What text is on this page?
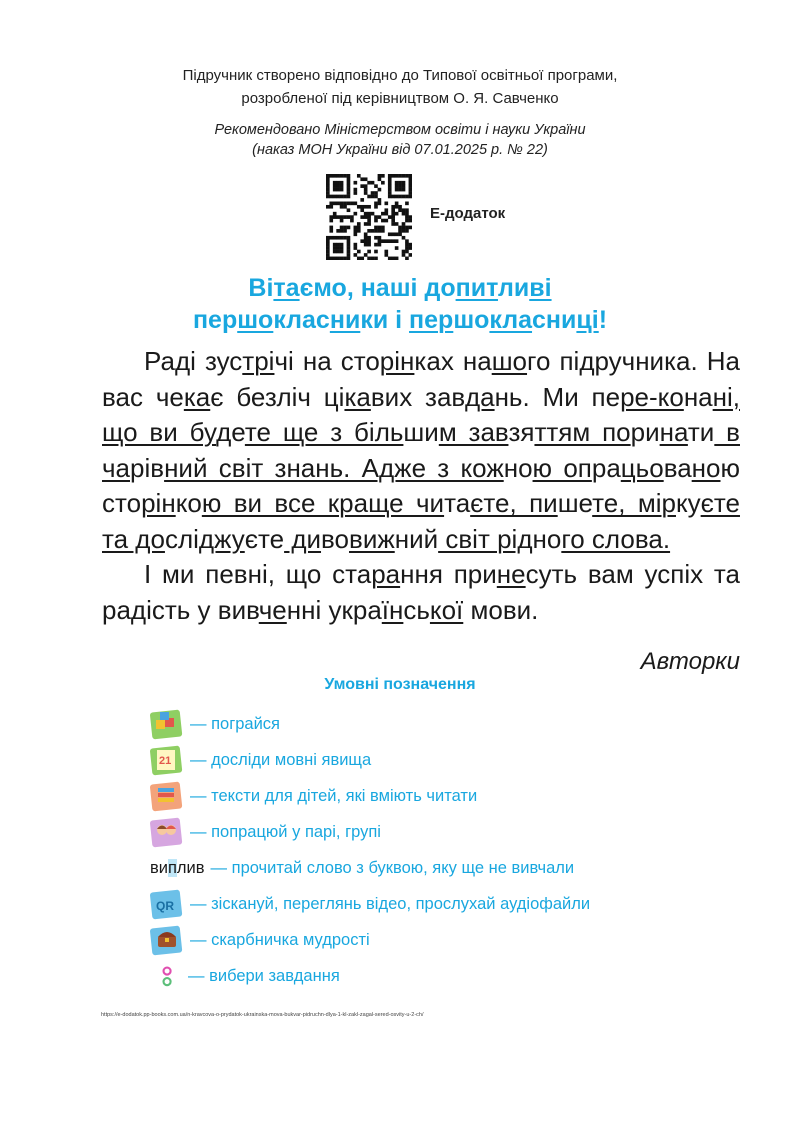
Підручник створено відповідно до Типової освітньої програми,
розробленої під керівництвом О. Я. Савченко
Рекомендовано Міністерством освіти і науки України
(наказ МОН України від 07.01.2025 р. № 22)
Е-додаток
Вітаємо, наші допитливі
першокласники і першокласниці!

Раді зустрічі на сторінках нашого підручника. На вас чекає безліч цікавих завдань. Ми пере-конані, що ви будете ще з більшим завзяттям поринати в чарівний світ знань. Адже з кожною опрацьованою сторінкою ви все краще читаєте, пишете, міркуєте та досліджуєте дивовижний світ рідного слова.

І ми певні, що старання принесуть вам успіх та радість у вивченні української мови.

Авторки
Умовні позначення
— пограйся
21 — досліди мовні явища
— тексти для дітей, які вміють читати
— попрацюй у парі, групі
виплив — прочитай слово з буквою, яку ще не вивчали
QR — зіскануй, переглянь відео, прослухай аудіофайли
— скарбничка мудрості
— вибери завдання
https://e-dodatok.pp-books.com.ua/n-kravcova-o-prydatok-ukrainska-mova-bukvar-pidruchn-dlya-1-kl-zakl-zagal-sered-osvity-u-2-ch/
